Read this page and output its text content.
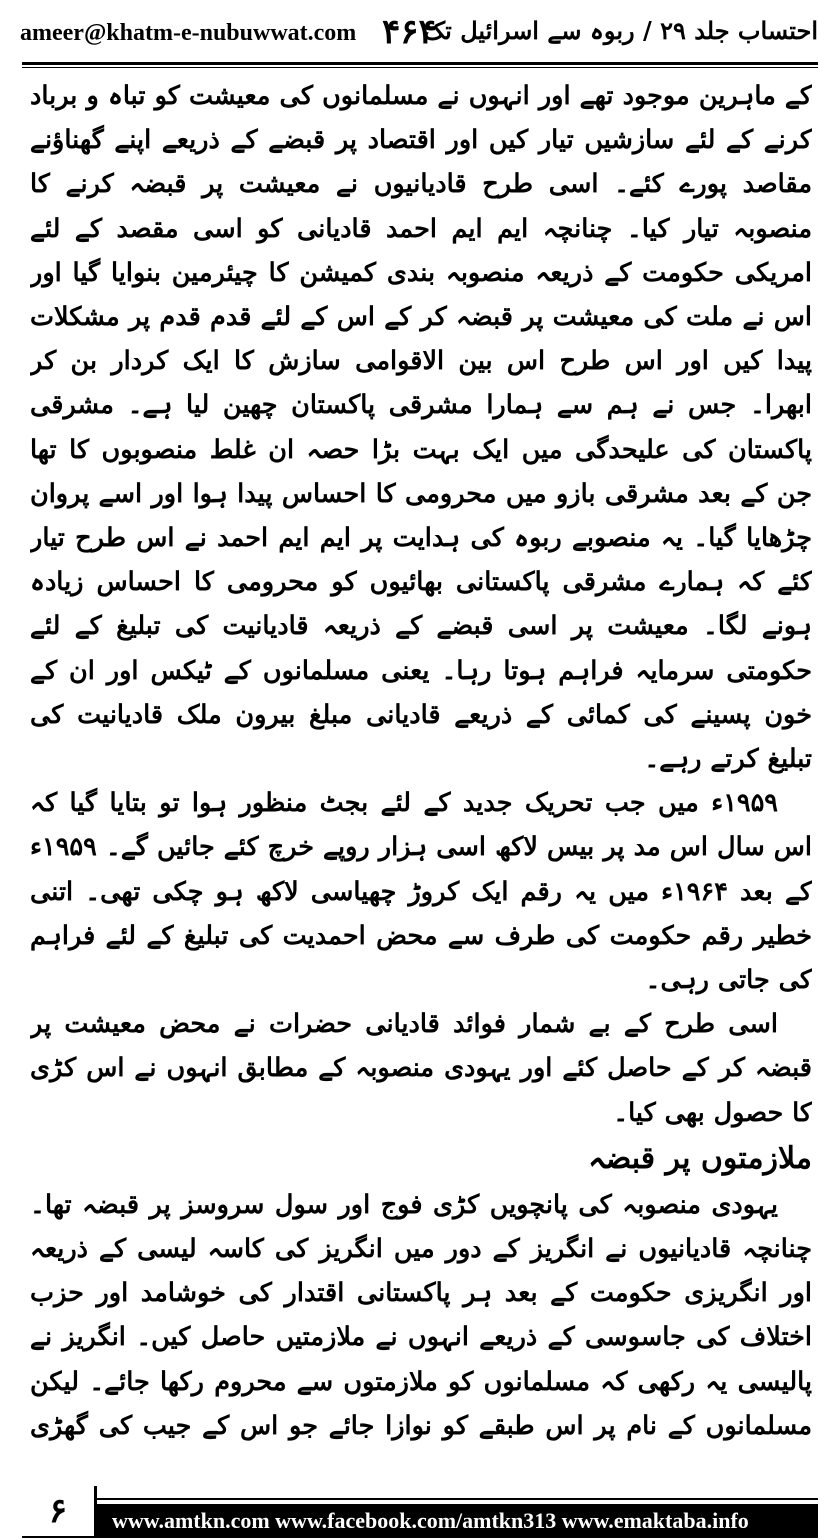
ameer@khatm-e-nubuwwat.com ۴۶۴
احتساب جلد ۲۹ / ربوہ سے اسرائیل تک

کے ماہرین موجود تھے اور انہوں نے مسلمانوں کی معیشت کو تباہ و برباد کرنے کے لئے سازشیں تیار کیں اور اقتصاد پر قبضے کے ذریعے اپنے گھناؤنے مقاصد پورے کئے۔ اسی طرح قادیانیوں نے معیشت پر قبضہ کرنے کا منصوبہ تیار کیا۔ چنانچہ ایم ایم احمد قادیانی کو اسی مقصد کے لئے امریکی حکومت کے ذریعہ منصوبہ بندی کمیشن کا چیئرمین بنوایا گیا اور اس نے ملت کی معیشت پر قبضہ کر کے اس کے لئے قدم قدم پر مشکلات پیدا کیں اور اس طرح اس بین الاقوامی سازش کا ایک کردار بن کر ابھرا۔ جس نے ہم سے ہمارا مشرقی پاکستان چھین لیا ہے۔ مشرقی پاکستان کی علیحدگی میں ایک بہت بڑا حصہ ان غلط منصوبوں کا تھا جن کے بعد مشرقی بازو میں محرومی کا احساس پیدا ہوا اور اسے پروان چڑھایا گیا۔ یہ منصوبے ربوہ کی ہدایت پر ایم ایم احمد نے اس طرح تیار کئے کہ ہمارے مشرقی پاکستانی بھائیوں کو محرومی کا احساس زیادہ ہونے لگا۔ معیشت پر اسی قبضے کے ذریعہ قادیانیت کی تبلیغ کے لئے حکومتی سرمایہ فراہم ہوتا رہا۔ یعنی مسلمانوں کے ٹیکس اور ان کے خون پسینے کی کمائی کے ذریعے قادیانی مبلغ بیرون ملک قادیانیت کی تبلیغ کرتے رہے۔

۱۹۵۹ء میں جب تحریک جدید کے لئے بجٹ منظور ہوا تو بتایا گیا کہ اس سال اس مد پر بیس لاکھ اسی ہزار روپے خرچ کئے جائیں گے۔ ۱۹۵۹ء کے بعد ۱۹۶۴ء میں یہ رقم ایک کروڑ چھیاسی لاکھ ہو چکی تھی۔ اتنی خطیر رقم حکومت کی طرف سے محض احمدیت کی تبلیغ کے لئے فراہم کی جاتی رہی۔

اسی طرح کے بے شمار فوائد قادیانی حضرات نے محض معیشت پر قبضہ کر کے حاصل کئے اور یہودی منصوبہ کے مطابق انہوں نے اس کڑی کا حصول بھی کیا۔

ملازمتوں پر قبضہ

یہودی منصوبہ کی پانچویں کڑی فوج اور سول سروسز پر قبضہ تھا۔ چنانچہ قادیانیوں نے انگریز کے دور میں انگریز کی کاسہ لیسی کے ذریعہ اور انگریزی حکومت کے بعد ہر پاکستانی اقتدار کی خوشامد اور حزب اختلاف کی جاسوسی کے ذریعے انہوں نے ملازمتیں حاصل کیں۔ انگریز نے پالیسی یہ رکھی کہ مسلمانوں کو ملازمتوں سے محروم رکھا جائے۔ لیکن مسلمانوں کے نام پر اس طبقے کو نوازا جائے جو اس کے جیب کی گھڑی

۶	www.amtkn.com www.facebook.com/amtkn313 www.emaktaba.info
